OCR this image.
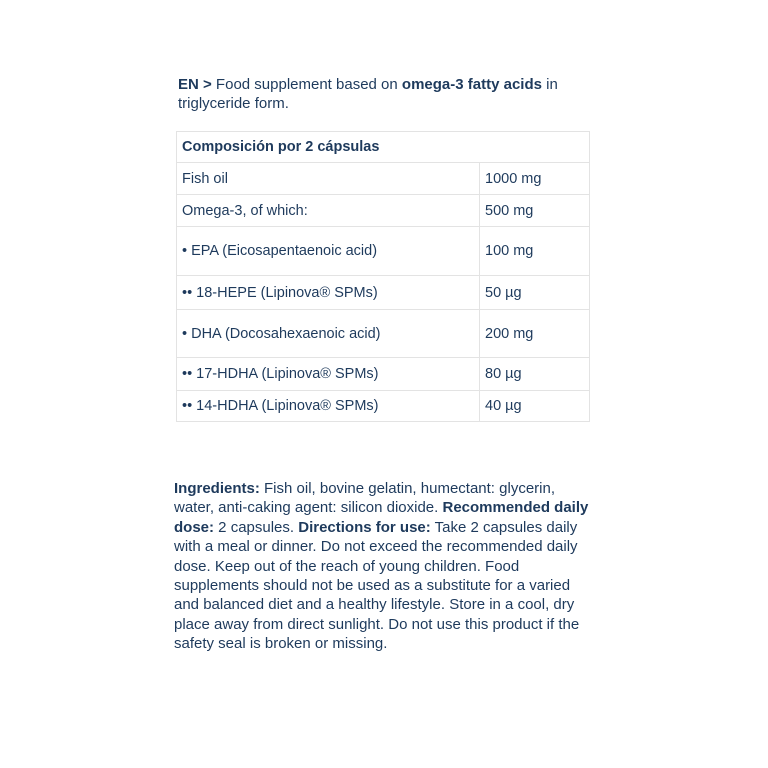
EN > Food supplement based on omega-3 fatty acids in triglyceride form.
Composición por 2 cápsulas	
Fish oil	1000 mg
Omega-3, of which:	500 mg
• EPA (Eicosapentaenoic acid)	100 mg
•• 18-HEPE (Lipinova® SPMs)	50 µg
• DHA (Docosahexaenoic acid)	200 mg
•• 17-HDHA (Lipinova® SPMs)	80 µg
•• 14-HDHA (Lipinova® SPMs)	40 µg
Ingredients: Fish oil, bovine gelatin, humectant: glycerin, water, anti-caking agent: silicon dioxide. Recommended daily dose: 2 capsules. Directions for use: Take 2 capsules daily with a meal or dinner. Do not exceed the recommended daily dose. Keep out of the reach of young children. Food supplements should not be used as a substitute for a varied and balanced diet and a healthy lifestyle. Store in a cool, dry place away from direct sunlight. Do not use this product if the safety seal is broken or missing.
